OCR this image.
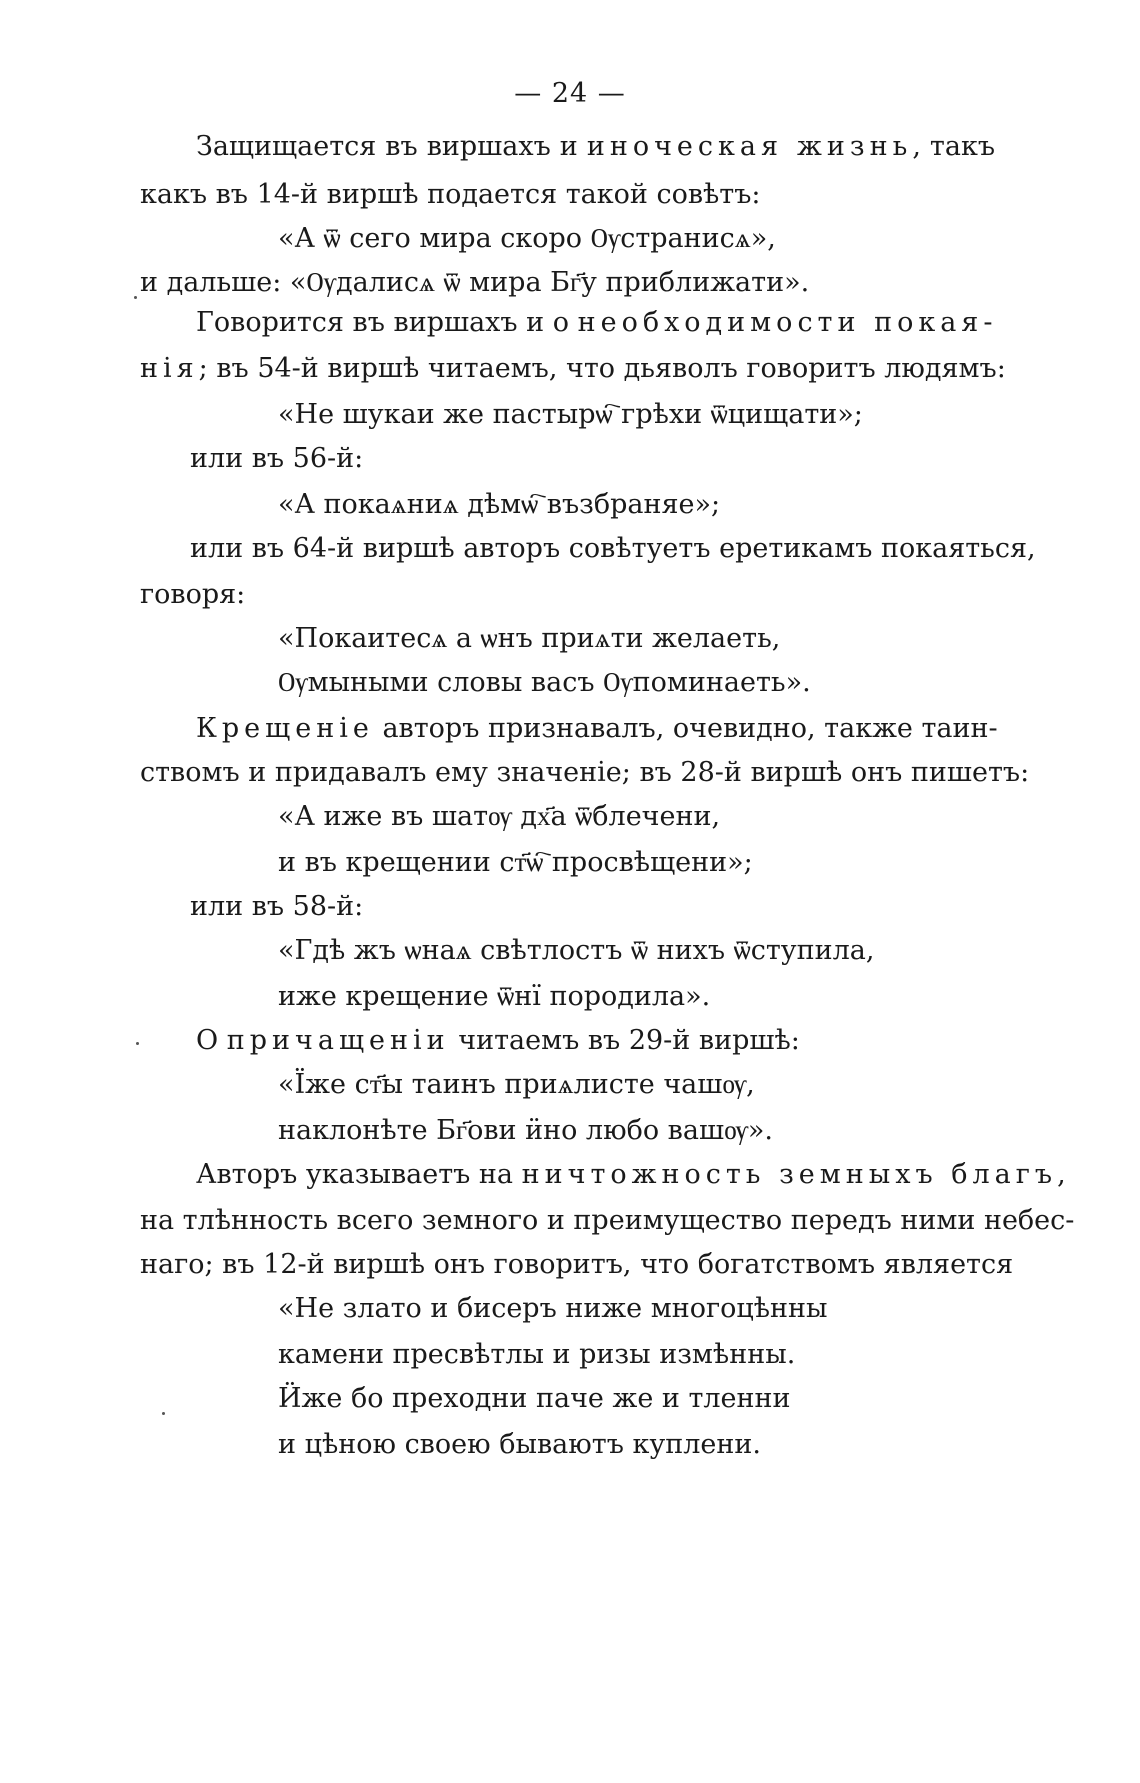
— 24 —
Защищается въ виршахъ и иноческая жизнь, такъ
какъ въ 14-й виршѣ подается такой совѣтъ:
«А ѿ сего мира скоро Ѹстранисѧ»,
и дальше: «Ѹдалисѧ ѿ мира Бг҃у приближати».
Говорится въ виршахъ и о необходимости покая-
нія; въ 54-й виршѣ читаемъ, что дьяволъ говоритъ людямъ:
«Не шукаи же пастырѡ҇ грѣхи ѿцищати»;
или въ 56-й:
«А покаѧниѧ дѣмѡ҇ възбраняе»;
или въ 64-й виршѣ авторъ совѣтуетъ еретикамъ покаяться,
говоря:
«Покаитесѧ а ѡнъ приѧти желаеть,
Ѹмыными словы васъ Ѹпоминаеть».
Крещеніе авторъ признавалъ, очевидно, также таин-
ствомъ и придавалъ ему значеніе; въ 28-й виршѣ онъ пишетъ:
«А иже въ шатѹ дх҃а ѿблечени,
и въ крещении ст҃ѡ҇ просвѣщени»;
или въ 58-й:
«Гдѣ жъ ѡнаѧ свѣтлостъ ѿ нихъ ѿступила,
иже крещение ѿнї породила».
О причащеніи читаемъ въ 29-й виршѣ:
«Їже ст҃ы таинъ приѧлисте чашѹ,
наклонѣте Бг҃ови ӥно любо вашѹ».
Авторъ указываетъ на ничтожность земныхъ благъ,
на тлѣнность всего земного и преимущество передъ ними небес-
наго; въ 12-й виршѣ онъ говоритъ, что богатствомъ является
«Не злато и бисеръ ниже многоцѣнны
камени пресвѣтлы и ризы измѣнны.
Ӥже бо преходни паче же и тленни
и цѣною своею бываютъ куплени.
